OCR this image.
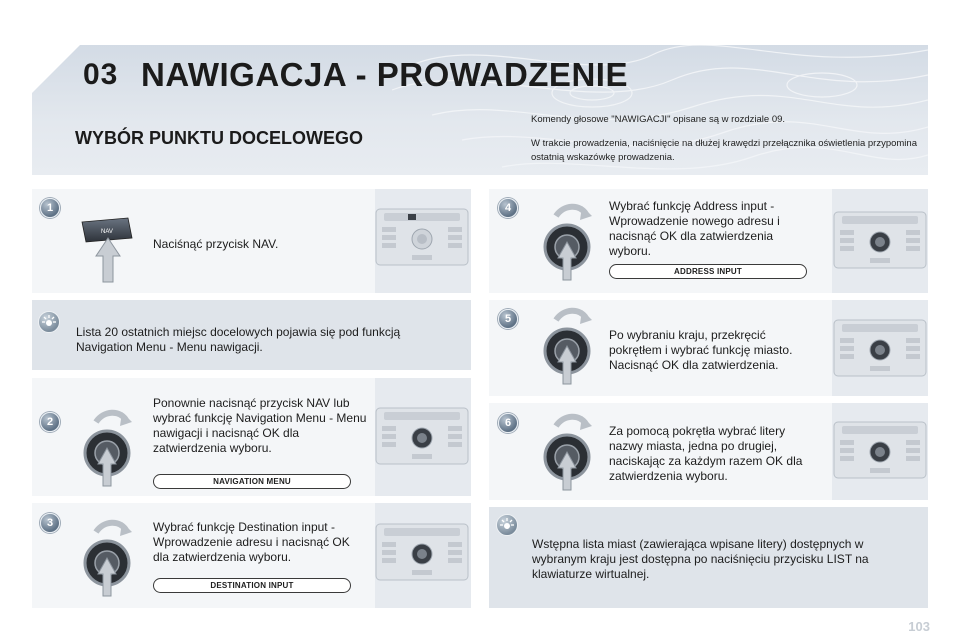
03 NAWIGACJA - PROWADZENIE
WYBÓR PUNKTU DOCELOWEGO

Komendy głosowe "NAWIGACJI" opisane są w rozdziale 09.

W trakcie prowadzenia, naciśnięcie na dłużej krawędzi przełącznika oświetlenia przypomina ostatnią wskazówkę prowadzenia.

1
NAV
Naciśnąć przycisk NAV.
Lista 20 ostatnich miejsc docelowych pojawia się pod funkcją Navigation Menu - Menu nawigacji.
2
Ponownie nacisnąć przycisk NAV lub wybrać funkcję Navigation Menu - Menu nawigacji i nacisnąć OK dla zatwierdzenia wyboru.
NAVIGATION MENU
3	Wybrać funkcję Destination input - Wprowadzenie adresu i nacisnąć OK dla zatwierdzenia wyboru.
DESTINATION INPUT
4	Wybrać funkcję Address input - Wprowadzenie nowego adresu i nacisnąć OK dla zatwierdzenia wyboru.
ADDRESS INPUT
5
Po wybraniu kraju, przekręcić pokrętłem i wybrać funkcję miasto. Nacisnąć OK dla zatwierdzenia.
6
Za pomocą pokrętła wybrać litery nazwy miasta, jedna po drugiej, naciskając za każdym razem OK dla zatwierdzenia wyboru.
Wstępna lista miast (zawierająca wpisane litery) dostępnych w wybranym kraju jest dostępna po naciśnięciu przycisku LIST na klawiaturze wirtualnej.
103
